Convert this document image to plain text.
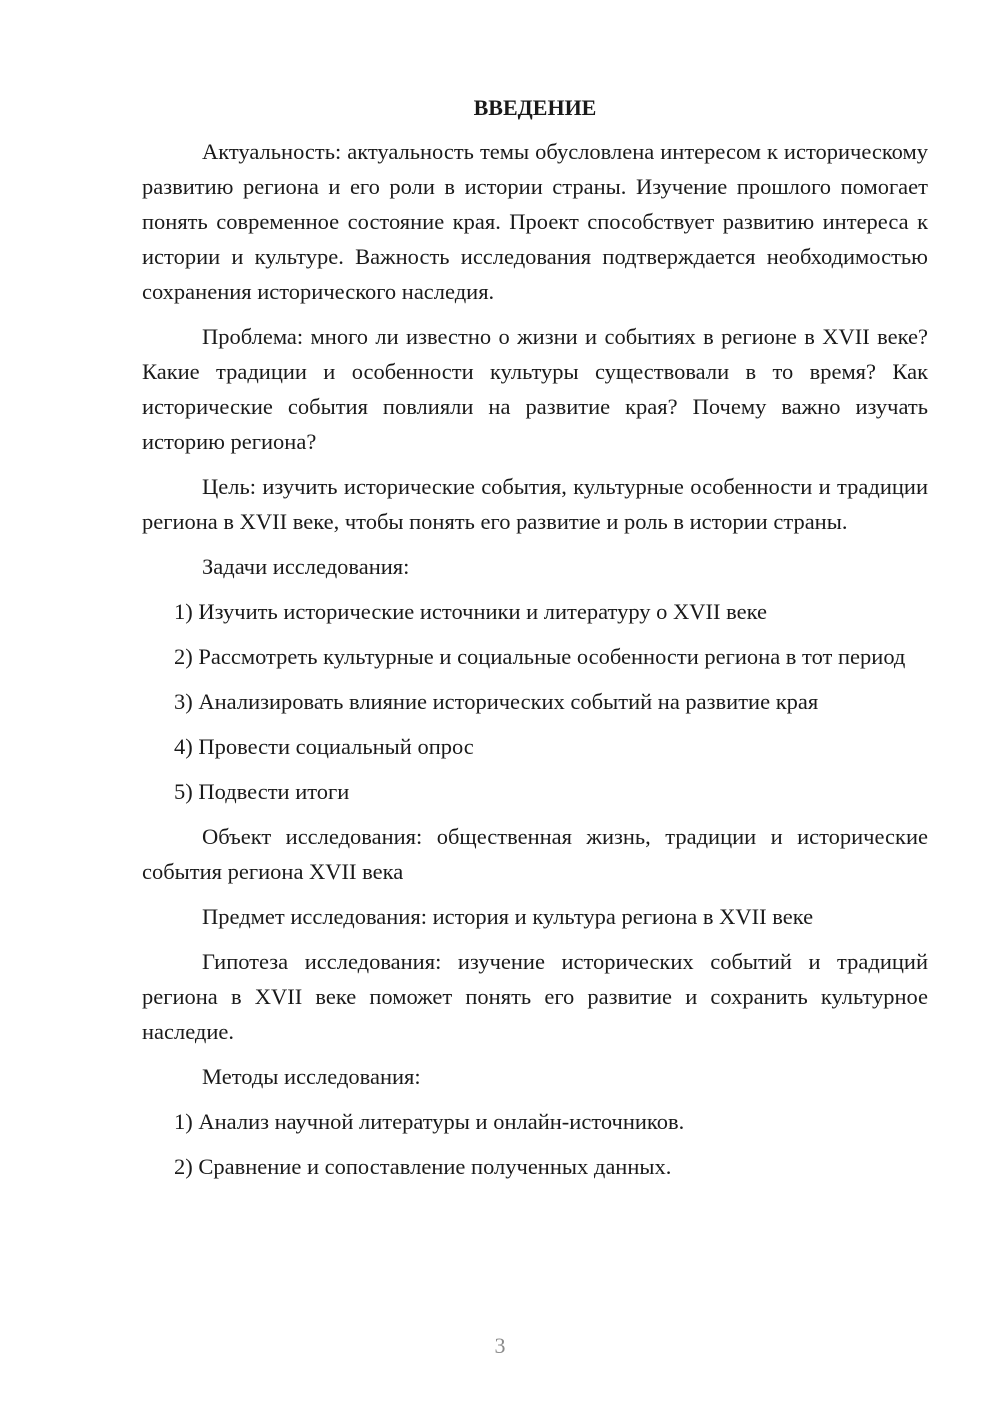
ВВЕДЕНИЕ

Актуальность: актуальность темы обусловлена интересом к историческому развитию региона и его роли в истории страны. Изучение прошлого помогает понять современное состояние края. Проект способствует развитию интереса к истории и культуре. Важность исследования подтверждается необходимостью сохранения исторического наследия.

Проблема: много ли известно о жизни и событиях в регионе в XVII веке? Какие традиции и особенности культуры существовали в то время? Как исторические события повлияли на развитие края? Почему важно изучать историю региона?

Цель: изучить исторические события, культурные особенности и традиции региона в XVII веке, чтобы понять его развитие и роль в истории страны.

Задачи исследования:

1) Изучить исторические источники и литературу о XVII веке

2) Рассмотреть культурные и социальные особенности региона в тот период

3) Анализировать влияние исторических событий на развитие края

4) Провести социальный опрос

5) Подвести итоги

Объект исследования: общественная жизнь, традиции и исторические события региона XVII века

Предмет исследования: история и культура региона в XVII веке

Гипотеза исследования: изучение исторических событий и традиций региона в XVII веке поможет понять его развитие и сохранить культурное наследие.

Методы исследования:

1) Анализ научной литературы и онлайн-источников.

2) Сравнение и сопоставление полученных данных.

3
